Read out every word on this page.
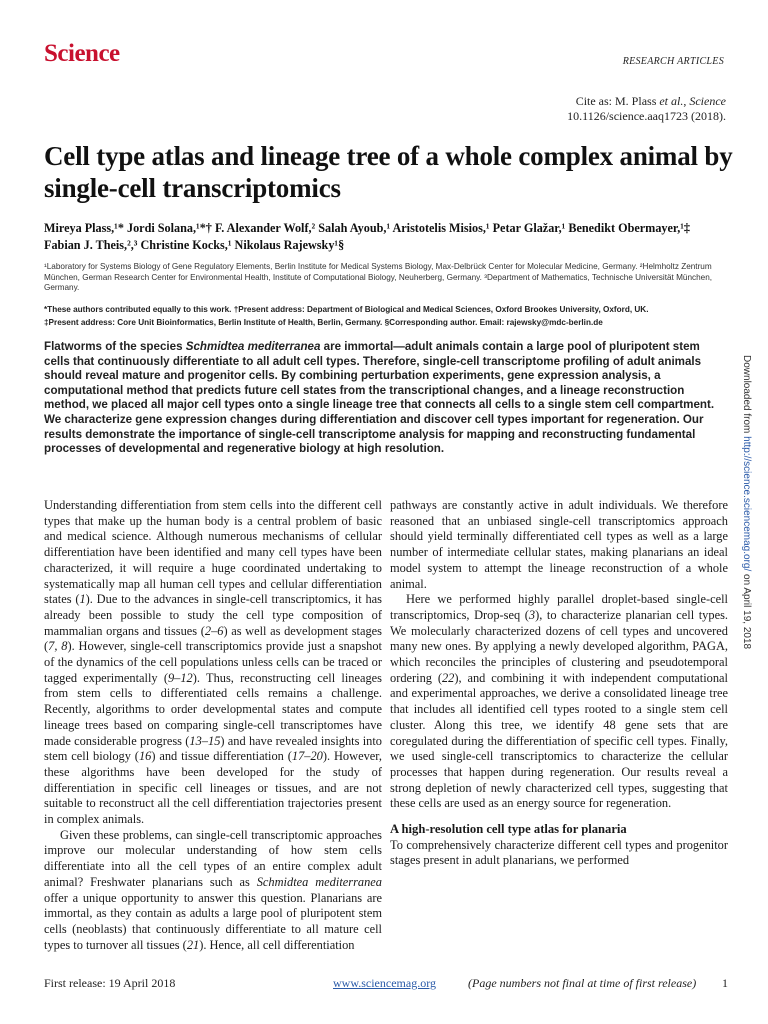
Science	RESEARCH ARTICLES
Cite as: M. Plass et al., Science
10.1126/science.aaq1723 (2018).
Cell type atlas and lineage tree of a whole complex animal by single-cell transcriptomics
Mireya Plass,¹* Jordi Solana,¹*† F. Alexander Wolf,² Salah Ayoub,¹ Aristotelis Misios,¹ Petar Glažar,¹ Benedikt Obermayer,¹‡ Fabian J. Theis,²,³ Christine Kocks,¹ Nikolaus Rajewsky¹§
¹Laboratory for Systems Biology of Gene Regulatory Elements, Berlin Institute for Medical Systems Biology, Max-Delbrück Center for Molecular Medicine, Germany. ²Helmholtz Zentrum München, German Research Center for Environmental Health, Institute of Computational Biology, Neuherberg, Germany. ³Department of Mathematics, Technische Universität München, Germany.
*These authors contributed equally to this work. †Present address: Department of Biological and Medical Sciences, Oxford Brookes University, Oxford, UK.
‡Present address: Core Unit Bioinformatics, Berlin Institute of Health, Berlin, Germany. §Corresponding author. Email: rajewsky@mdc-berlin.de
Flatworms of the species Schmidtea mediterranea are immortal—adult animals contain a large pool of pluripotent stem cells that continuously differentiate to all adult cell types. Therefore, single-cell transcriptome profiling of adult animals should reveal mature and progenitor cells. By combining perturbation experiments, gene expression analysis, a computational method that predicts future cell states from the transcriptional changes, and a lineage reconstruction method, we placed all major cell types onto a single lineage tree that connects all cells to a single stem cell compartment. We characterize gene expression changes during differentiation and discover cell types important for regeneration. Our results demonstrate the importance of single-cell transcriptome analysis for mapping and reconstructing fundamental processes of developmental and regenerative biology at high resolution.

Understanding differentiation from stem cells into the different cell types that make up the human body is a central problem of basic and medical science. Although numerous mechanisms of cellular differentiation have been identified and many cell types have been characterized, it will require a huge coordinated undertaking to systematically map all human cell types and cellular differentiation states (1). Due to the advances in single-cell transcriptomics, it has already been possible to study the cell type composition of mammalian organs and tissues (2–6) as well as development stages (7, 8). However, single-cell transcriptomics provide just a snapshot of the dynamics of the cell populations unless cells can be traced or tagged experimentally (9–12). Thus, reconstructing cell lineages from stem cells to differentiated cells remains a challenge. Recently, algorithms to order developmental states and compute lineage trees based on comparing single-cell transcriptomes have made considerable progress (13–15) and have revealed insights into stem cell biology (16) and tissue differentiation (17–20). However, these algorithms have been developed for the study of differentiation in specific cell lineages or tissues, and are not suitable to reconstruct all the cell differentiation trajectories present in complex animals.

Given these problems, can single-cell transcriptomic approaches improve our molecular understanding of how stem cells differentiate into all the cell types of an entire complex adult animal? Freshwater planarians such as Schmidtea mediterranea offer a unique opportunity to answer this question. Planarians are immortal, as they contain as adults a large pool of pluripotent stem cells (neoblasts) that continuously differentiate to all mature cell types to turnover all tissues (21). Hence, all cell differentiation

pathways are constantly active in adult individuals. We therefore reasoned that an unbiased single-cell transcriptomics approach should yield terminally differentiated cell types as well as a large number of intermediate cellular states, making planarians an ideal model system to attempt the lineage reconstruction of a whole animal.

Here we performed highly parallel droplet-based single-cell transcriptomics, Drop-seq (3), to characterize planarian cell types. We molecularly characterized dozens of cell types and uncovered many new ones. By applying a newly developed algorithm, PAGA, which reconciles the principles of clustering and pseudotemporal ordering (22), and combining it with independent computational and experimental approaches, we derive a consolidated lineage tree that includes all identified cell types rooted to a single stem cell cluster. Along this tree, we identify 48 gene sets that are coregulated during the differentiation of specific cell types. Finally, we used single-cell transcriptomics to characterize the cellular processes that happen during regeneration. Our results reveal a strong depletion of newly characterized cell types, suggesting that these cells are used as an energy source for regeneration.

A high-resolution cell type atlas for planaria

To comprehensively characterize different cell types and progenitor stages present in adult planarians, we performed

Downloaded from http://science.sciencemag.org/ on April 19, 2018
First release: 19 April 2018	www.sciencemag.org	(Page numbers not final at time of first release) 1
